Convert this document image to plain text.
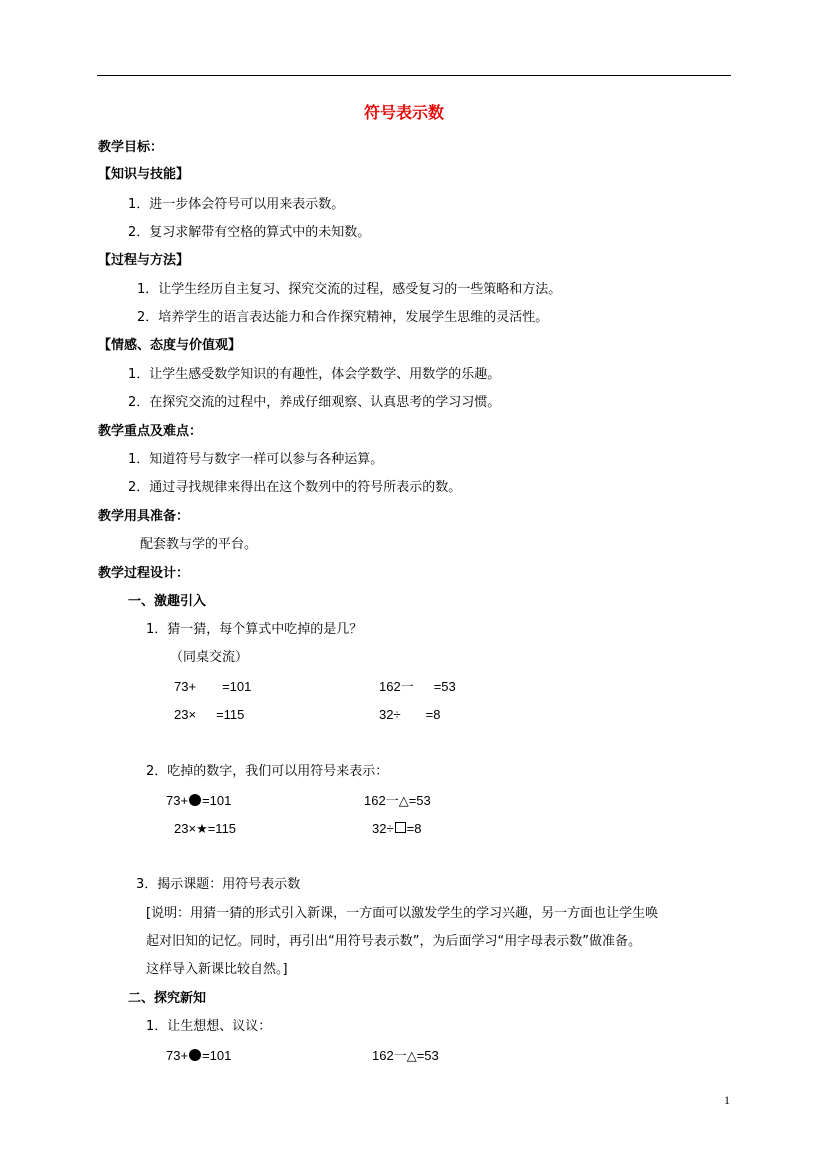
符号表示数
教学目标：
【知识与技能】
1．进一步体会符号可以用来表示数。
2．复习求解带有空格的算式中的未知数。
【过程与方法】
1．让学生经历自主复习、探究交流的过程，感受复习的一些策略和方法。
2．培养学生的语言表达能力和合作探究精神，发展学生思维的灵活性。
【情感、态度与价值观】
1．让学生感受数学知识的有趣性，体会学数学、用数学的乐趣。
2．在探究交流的过程中，养成仔细观察、认真思考的学习习惯。
教学重点及难点：
1．知道符号与数字一样可以参与各种运算。
2．通过寻找规律来得出在这个数列中的符号所表示的数。
教学用具准备：
配套教与学的平台。
教学过程设计：
一、激趣引入
1．猜一猜，每个算式中吃掉的是几？
（同桌交流）
73+ =101	162一 =53
23× =115	32÷ =8
2．吃掉的数字，我们可以用符号来表示：
73+ =101	162一△=53
23×★=115	32÷ =8
3．揭示课题：用符号表示数
[说明：用猜一猜的形式引入新课，一方面可以激发学生的学习兴趣，另一方面也让学生唤
起对旧知的记忆。同时，再引出“用符号表示数”，为后面学习“用字母表示数”做准备。
这样导入新课比较自然。]
二、探究新知
1．让生想想、议议：
73+ =101	162一△=53
1
